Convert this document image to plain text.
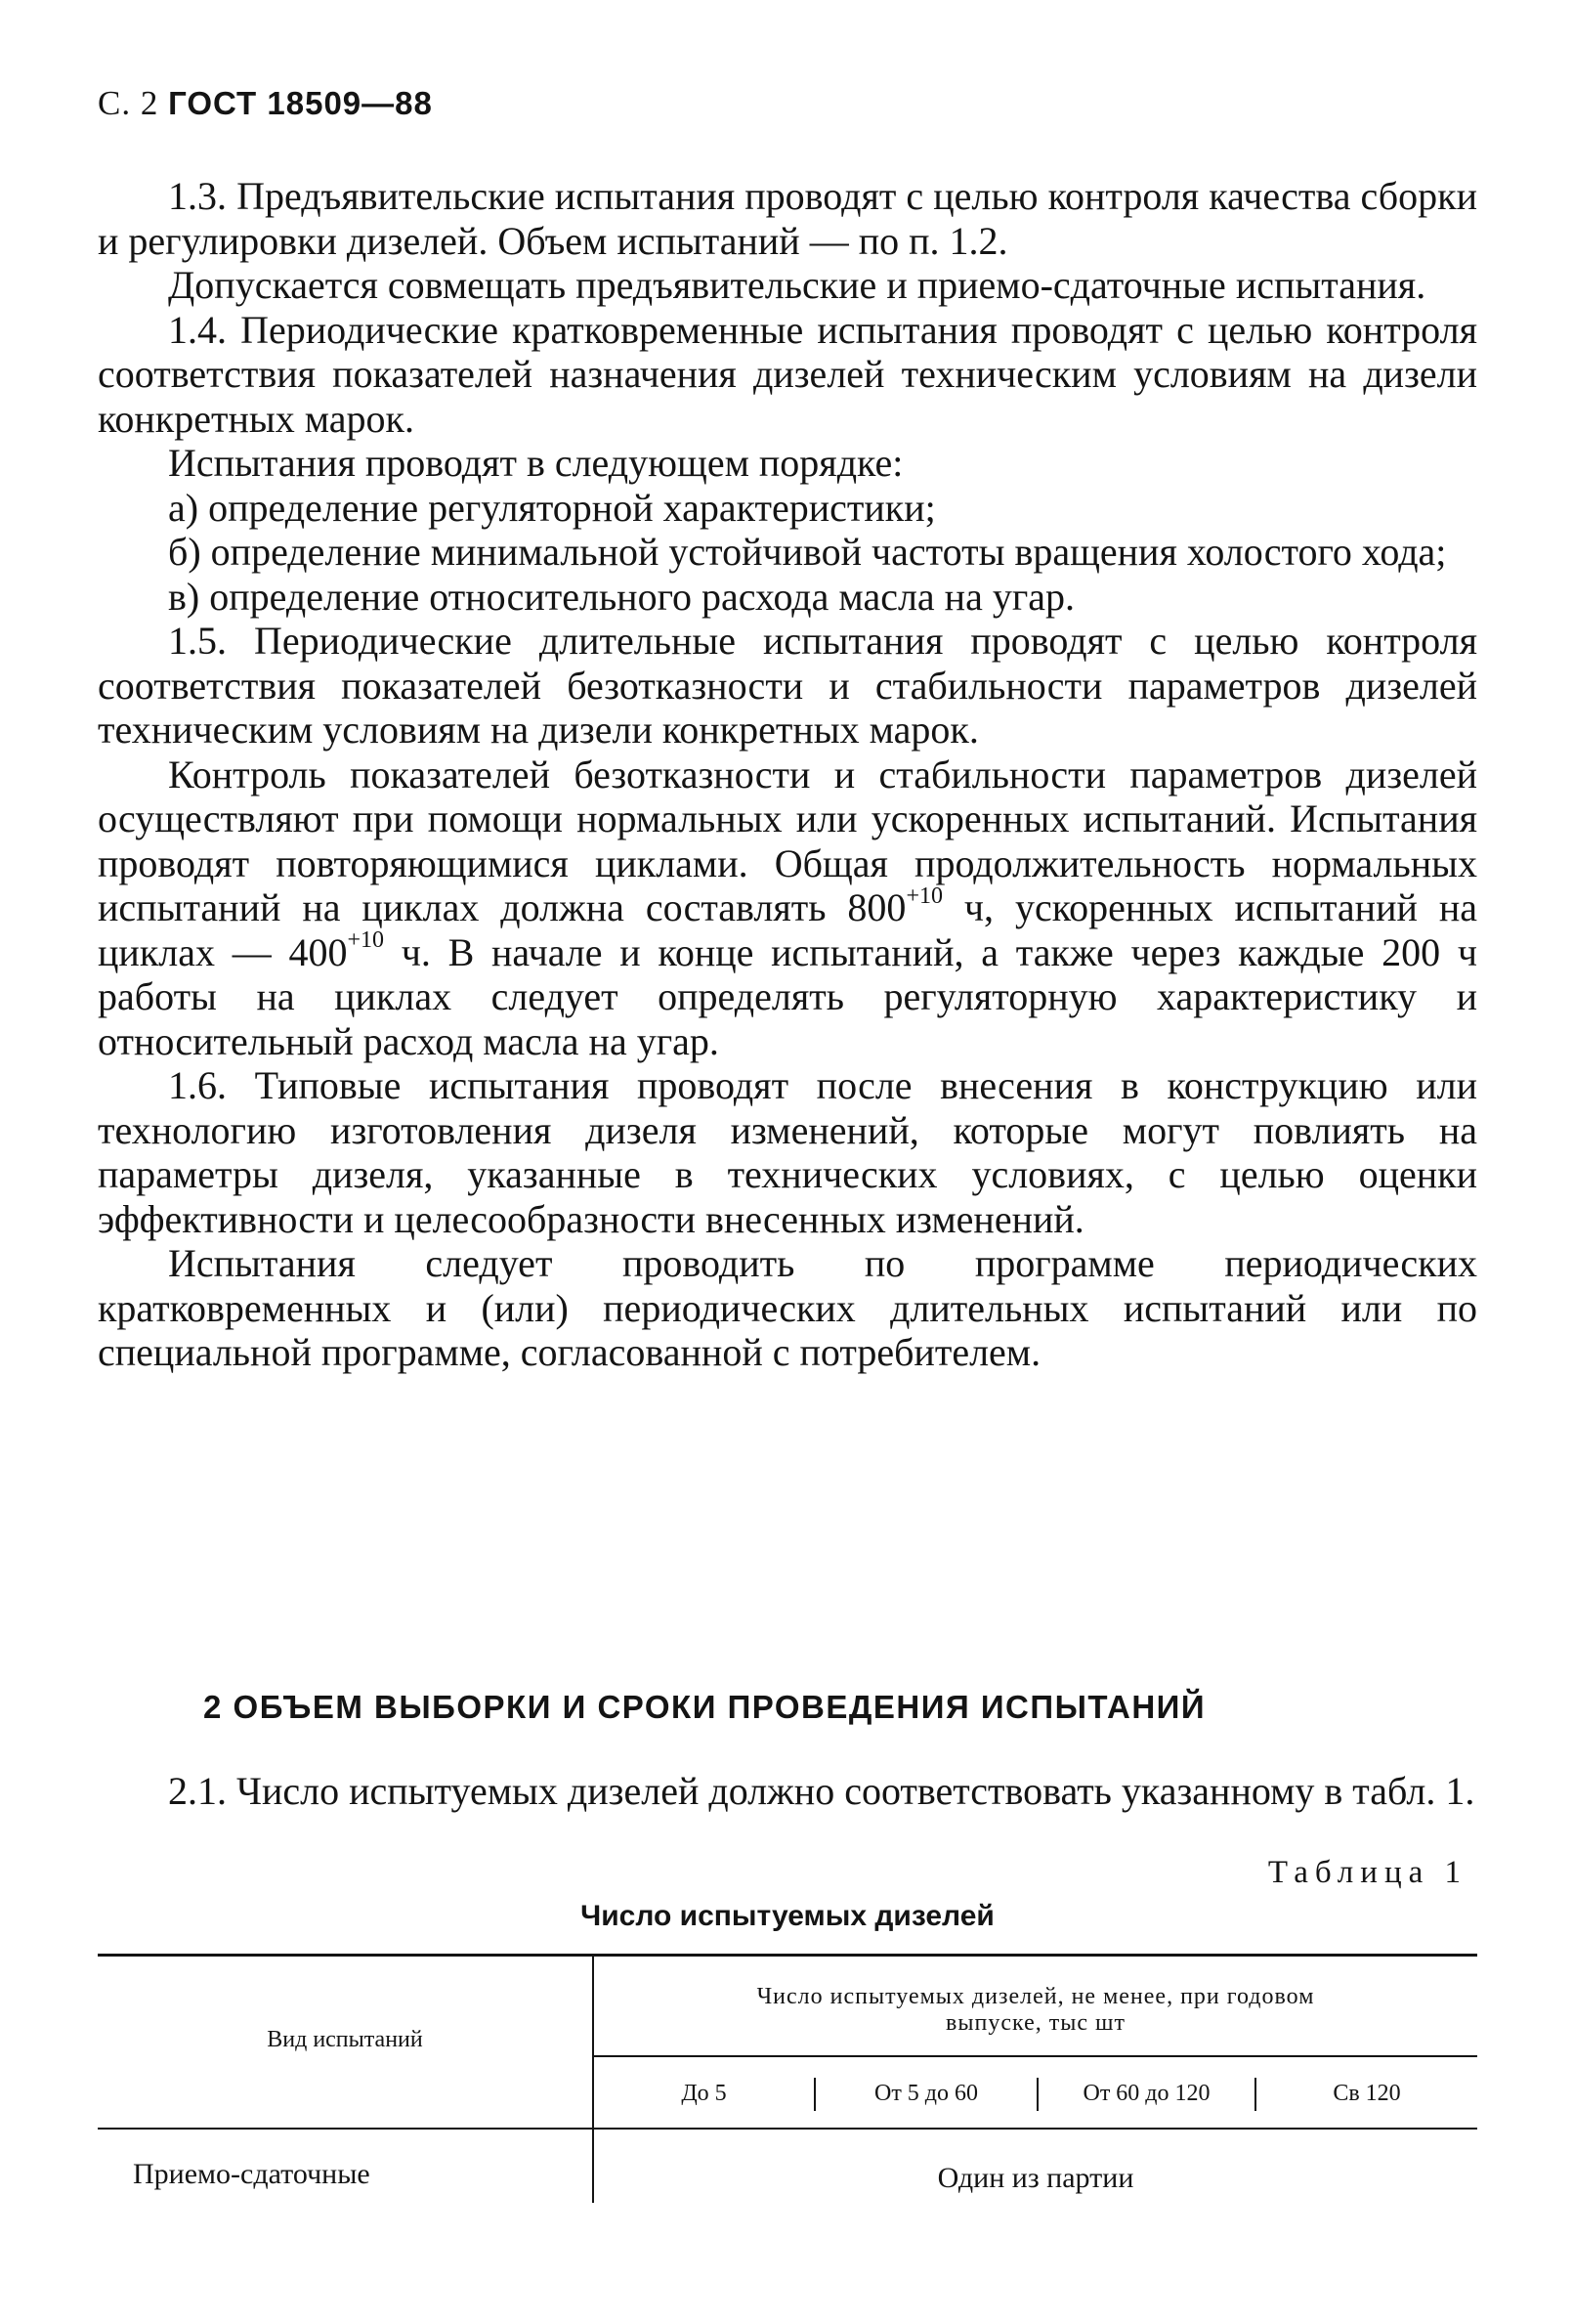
С. 2 ГОСТ 18509—88

1.3. Предъявительские испытания проводят с целью контроля качества сборки и регулировки дизелей. Объем испытаний — по п. 1.2.

Допускается совмещать предъявительские и приемо-сдаточные испытания.

1.4. Периодические кратковременные испытания проводят с целью контроля соответствия показателей назначения дизелей техническим условиям на дизели конкретных марок.

Испытания проводят в следующем порядке:

а) определение регуляторной характеристики;

б) определение минимальной устойчивой частоты вращения холостого хода;

в) определение относительного расхода масла на угар.

1.5. Периодические длительные испытания проводят с целью контроля соответствия показателей безотказности и стабильности параметров дизелей техническим условиям на дизели конкретных марок.

Контроль показателей безотказности и стабильности параметров дизелей осуществляют при помощи нормальных или ускоренных испытаний. Испытания проводят повторяющимися циклами. Общая продолжительность нормальных испытаний на циклах должна составлять $800^{+10}$ ч, ускоренных испытаний на циклах — $400^{+10}$ ч. В начале и конце испытаний, а также через каждые 200 ч работы на циклах следует определять регуляторную характеристику и относительный расход масла на угар.

1.6. Типовые испытания проводят после внесения в конструкцию или технологию изготовления дизеля изменений, которые могут повлиять на параметры дизеля, указанные в технических условиях, с целью оценки эффективности и целесообразности внесенных изменений.

Испытания следует проводить по программе периодических кратковременных и (или) периодических длительных испытаний или по специальной программе, согласованной с потребителем.

2 ОБЪЕМ ВЫБОРКИ И СРОКИ ПРОВЕДЕНИЯ ИСПЫТАНИЙ

2.1. Число испытуемых дизелей должно соответствовать указанному в табл. 1.

Таблица 1
Число испытуемых дизелей
Вид испытаний
Число испытуемых дизелей, не менее, при годовом выпуске, тыс шт
До 5	От 5 до 60	От 60 до 120	Св 120
Приемо-сдаточные	Один из партии
